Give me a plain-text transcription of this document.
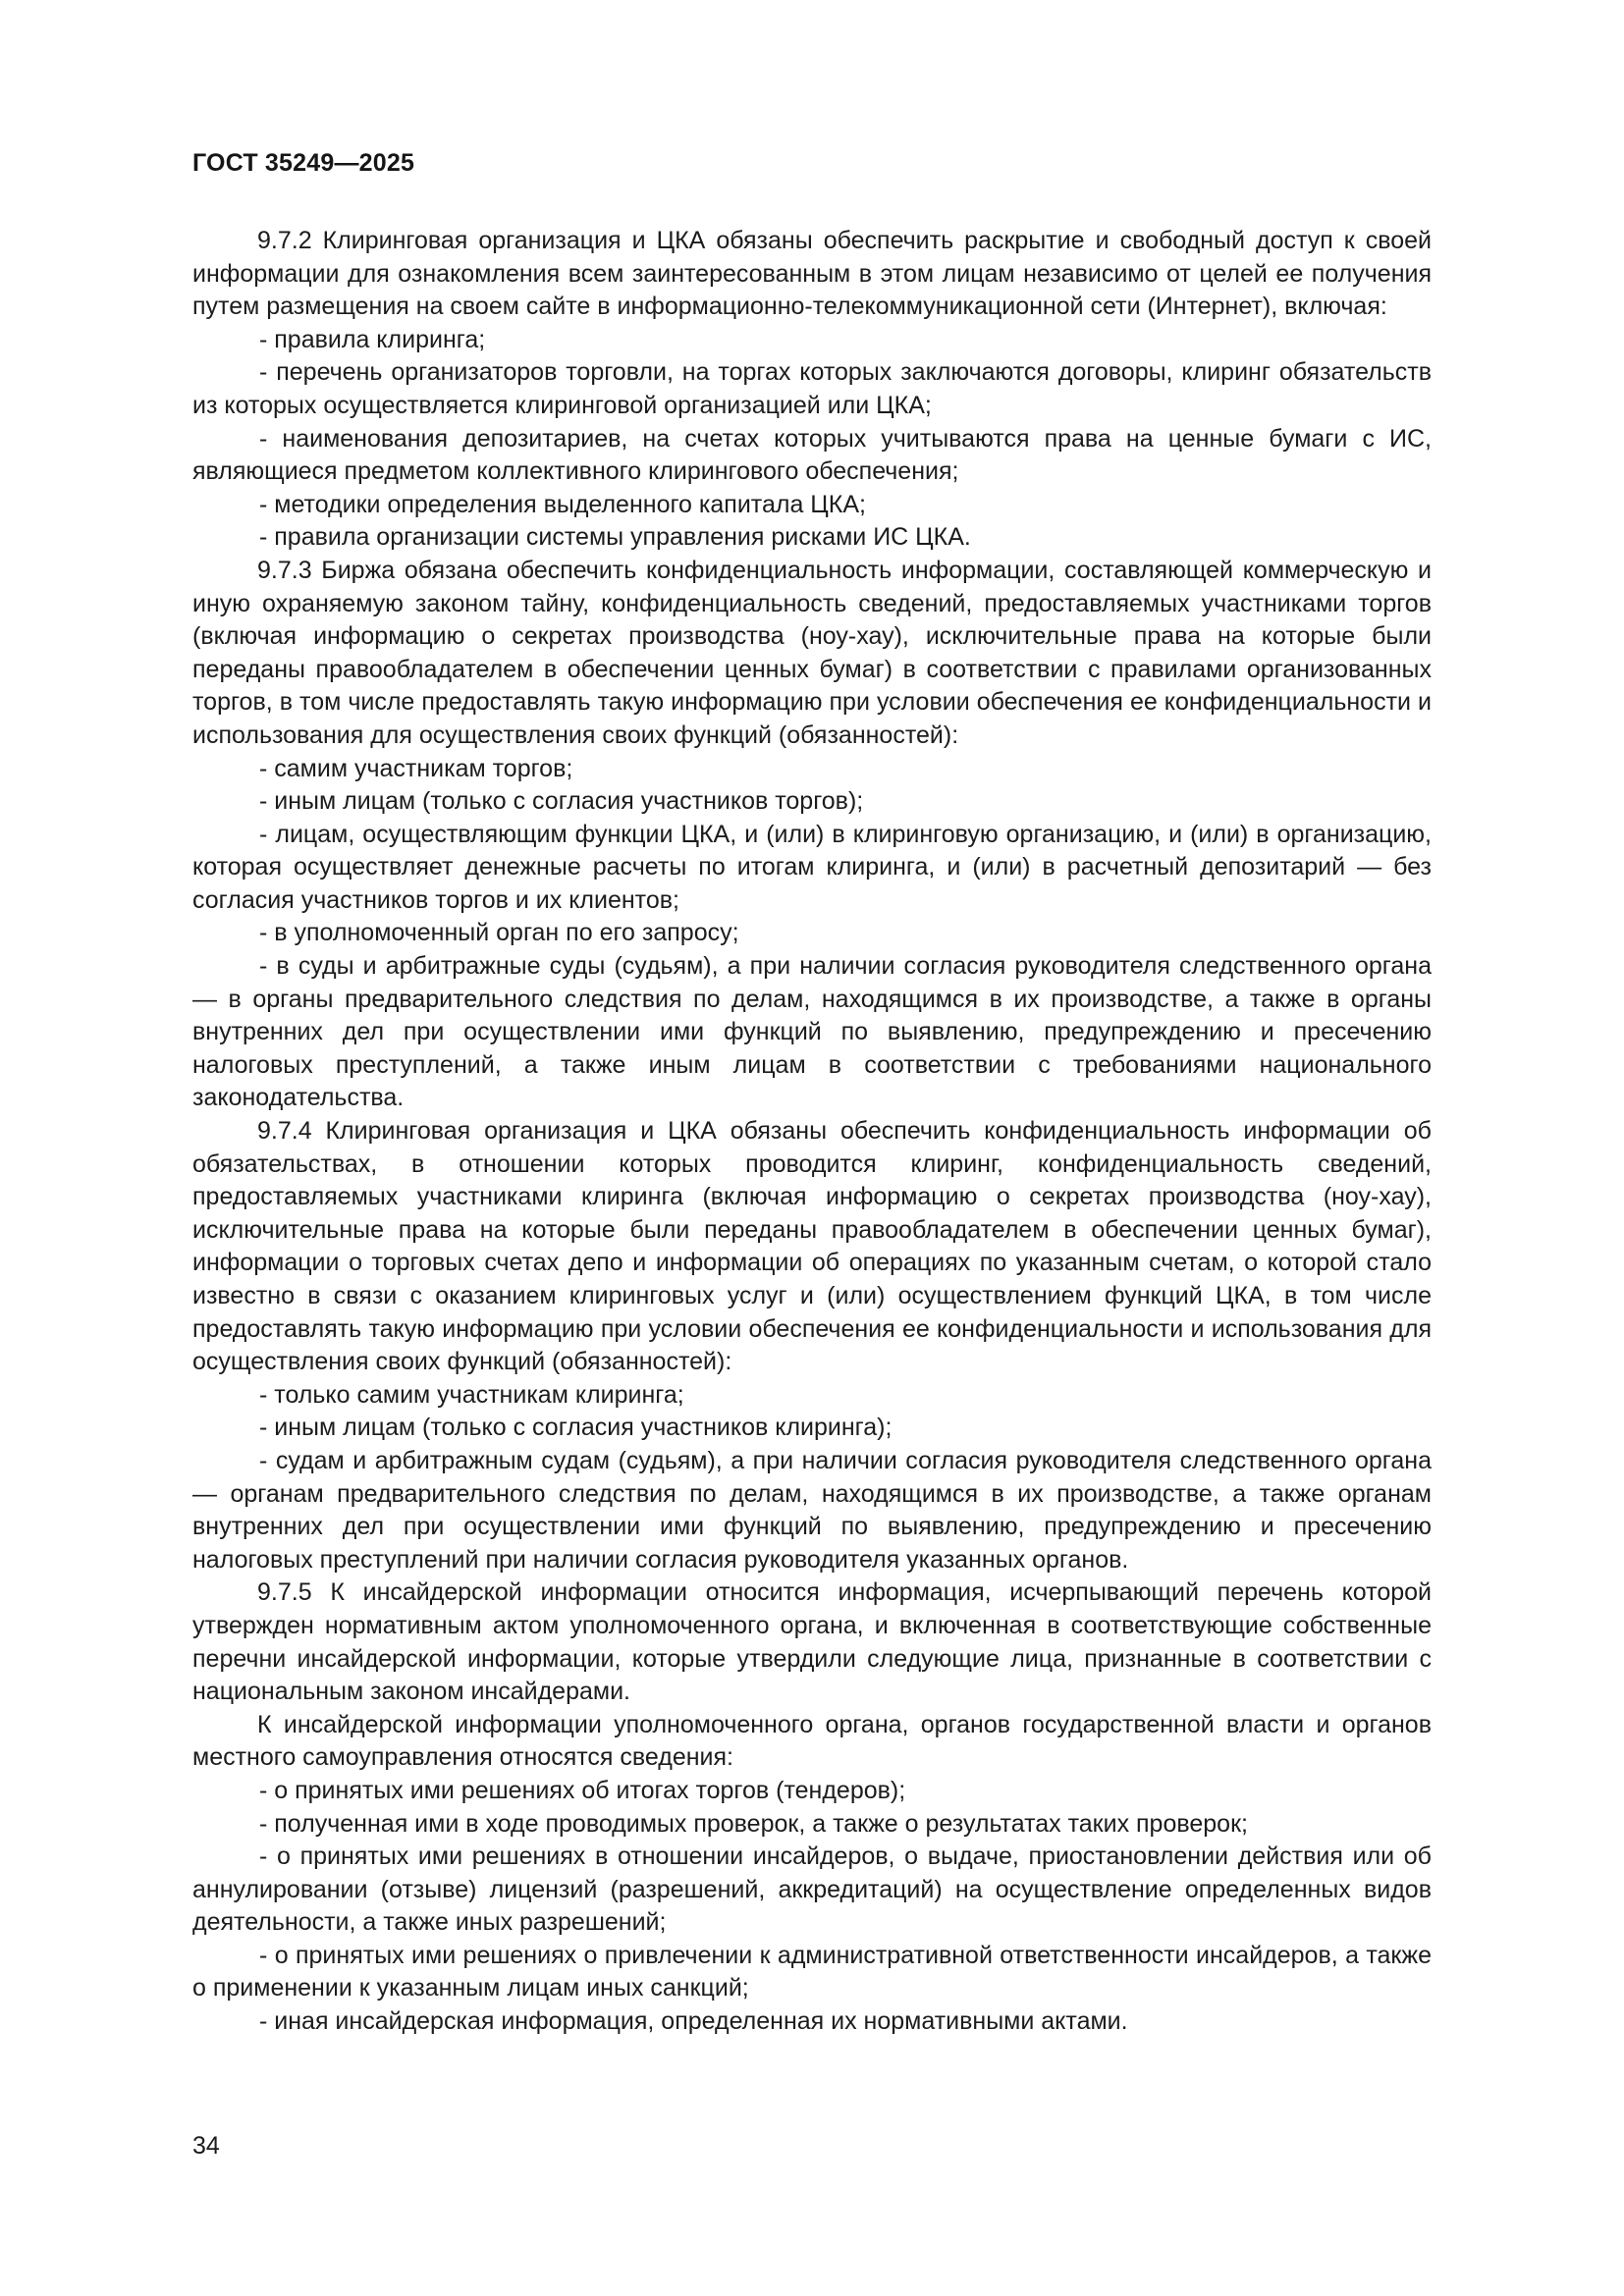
ГОСТ 35249—2025

9.7.2 Клиринговая организация и ЦКА обязаны обеспечить раскрытие и свободный доступ к своей информации для ознакомления всем заинтересованным в этом лицам независимо от целей ее получения путем размещения на своем сайте в информационно-телекоммуникационной сети (Интернет), включая:

- правила клиринга;

- перечень организаторов торговли, на торгах которых заключаются договоры, клиринг обязательств из которых осуществляется клиринговой организацией или ЦКА;

- наименования депозитариев, на счетах которых учитываются права на ценные бумаги с ИС, являющиеся предметом коллективного клирингового обеспечения;

- методики определения выделенного капитала ЦКА;

- правила организации системы управления рисками ИС ЦКА.

9.7.3 Биржа обязана обеспечить конфиденциальность информации, составляющей коммерческую и иную охраняемую законом тайну, конфиденциальность сведений, предоставляемых участниками торгов (включая информацию о секретах производства (ноу-хау), исключительные права на которые были переданы правообладателем в обеспечении ценных бумаг) в соответствии с правилами организованных торгов, в том числе предоставлять такую информацию при условии обеспечения ее конфиденциальности и использования для осуществления своих функций (обязанностей):

- самим участникам торгов;

- иным лицам (только с согласия участников торгов);

- лицам, осуществляющим функции ЦКА, и (или) в клиринговую организацию, и (или) в организацию, которая осуществляет денежные расчеты по итогам клиринга, и (или) в расчетный депозитарий — без согласия участников торгов и их клиентов;

- в уполномоченный орган по его запросу;

- в суды и арбитражные суды (судьям), а при наличии согласия руководителя следственного органа — в органы предварительного следствия по делам, находящимся в их производстве, а также в органы внутренних дел при осуществлении ими функций по выявлению, предупреждению и пресечению налоговых преступлений, а также иным лицам в соответствии с требованиями национального законодательства.

9.7.4 Клиринговая организация и ЦКА обязаны обеспечить конфиденциальность информации об обязательствах, в отношении которых проводится клиринг, конфиденциальность сведений, предоставляемых участниками клиринга (включая информацию о секретах производства (ноу-хау), исключительные права на которые были переданы правообладателем в обеспечении ценных бумаг), информации о торговых счетах депо и информации об операциях по указанным счетам, о которой стало известно в связи с оказанием клиринговых услуг и (или) осуществлением функций ЦКА, в том числе предоставлять такую информацию при условии обеспечения ее конфиденциальности и использования для осуществления своих функций (обязанностей):

- только самим участникам клиринга;

- иным лицам (только с согласия участников клиринга);

- судам и арбитражным судам (судьям), а при наличии согласия руководителя следственного органа — органам предварительного следствия по делам, находящимся в их производстве, а также органам внутренних дел при осуществлении ими функций по выявлению, предупреждению и пресечению налоговых преступлений при наличии согласия руководителя указанных органов.

9.7.5 К инсайдерской информации относится информация, исчерпывающий перечень которой утвержден нормативным актом уполномоченного органа, и включенная в соответствующие собственные перечни инсайдерской информации, которые утвердили следующие лица, признанные в соответствии с национальным законом инсайдерами.

К инсайдерской информации уполномоченного органа, органов государственной власти и органов местного самоуправления относятся сведения:

- о принятых ими решениях об итогах торгов (тендеров);

- полученная ими в ходе проводимых проверок, а также о результатах таких проверок;

- о принятых ими решениях в отношении инсайдеров, о выдаче, приостановлении действия или об аннулировании (отзыве) лицензий (разрешений, аккредитаций) на осуществление определенных видов деятельности, а также иных разрешений;

- о принятых ими решениях о привлечении к административной ответственности инсайдеров, а также о применении к указанным лицам иных санкций;

- иная инсайдерская информация, определенная их нормативными актами.

34
